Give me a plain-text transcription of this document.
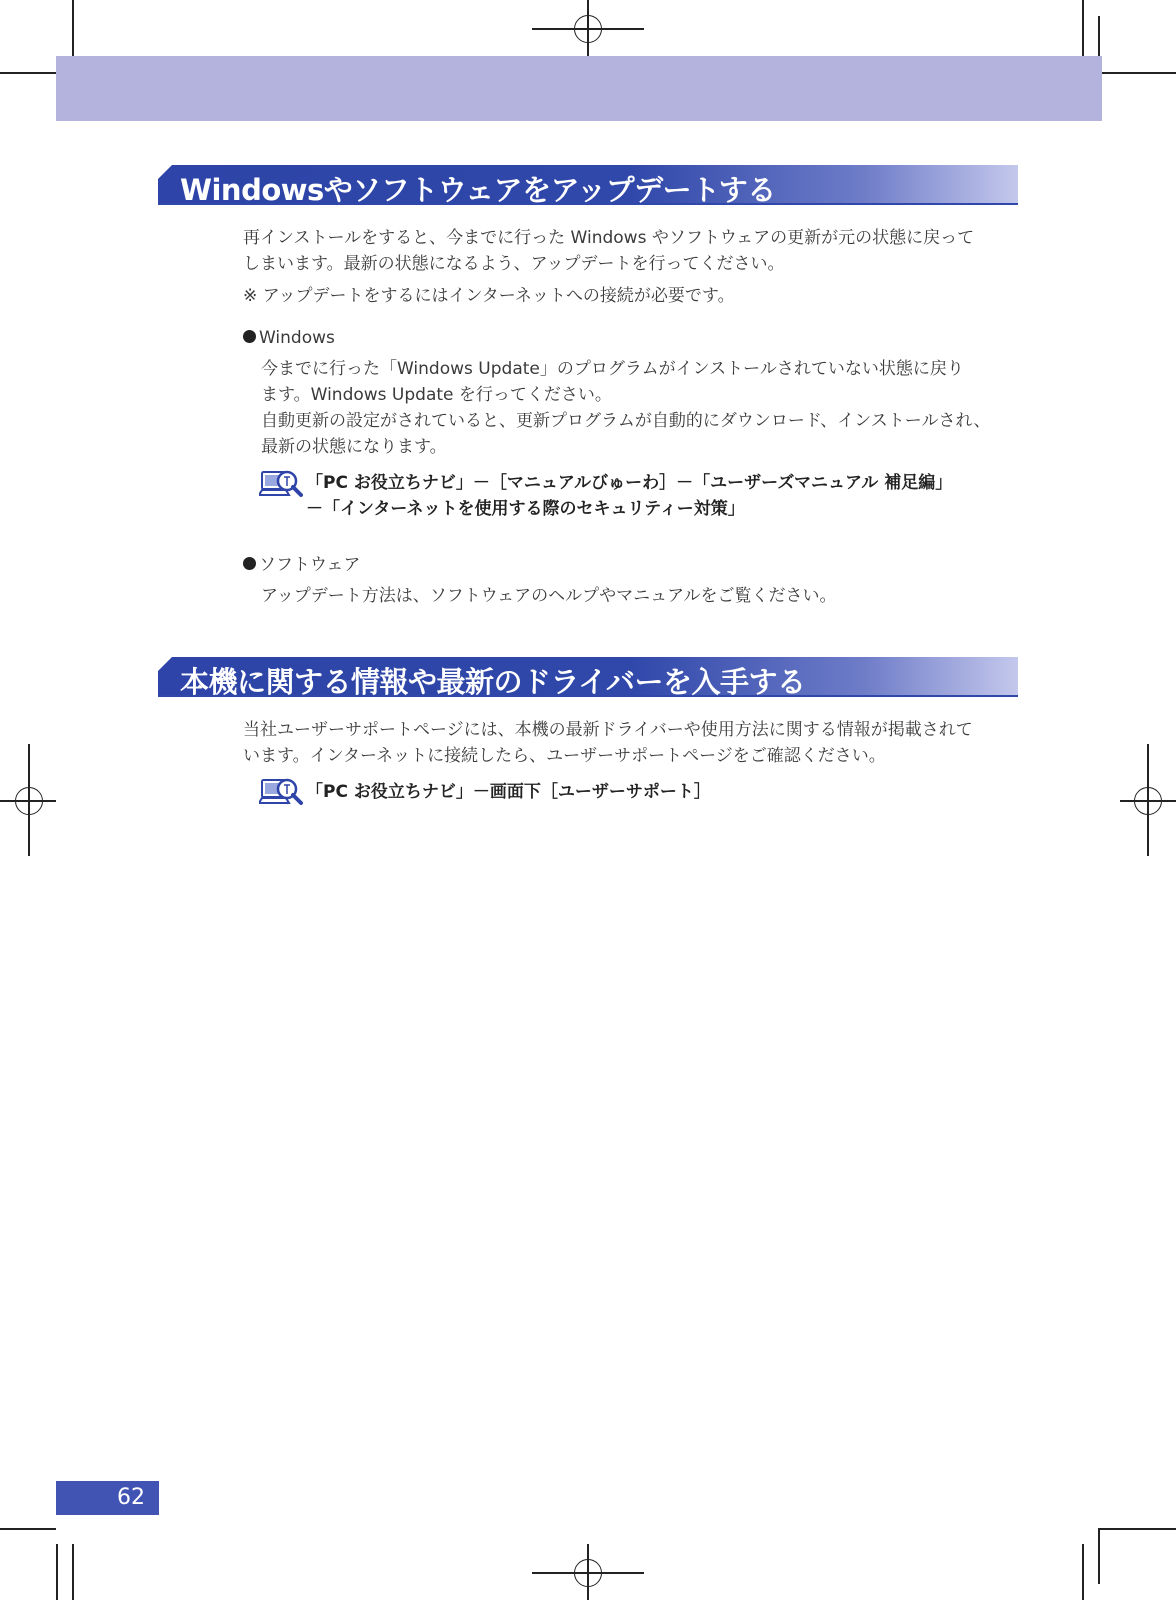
Windowsやソフトウェアをアップデートする
再インストールをすると、今までに行った Windows やソフトウェアの更新が元の状態に戻って
しまいます。最新の状態になるよう、アップデートを行ってください。
※ アップデートをするにはインターネットへの接続が必要です。
Windows
今までに行った「Windows Update」のプログラムがインストールされていない状態に戻り
ます。Windows Update を行ってください。
自動更新の設定がされていると、更新プログラムが自動的にダウンロード、インストールされ、
最新の状態になります。
「PC お役立ちナビ」－［マニュアルびゅーわ］－「ユーザーズマニュアル 補足編」
－「インターネットを使用する際のセキュリティー対策」
ソフトウェア
アップデート方法は、ソフトウェアのヘルプやマニュアルをご覧ください。
本機に関する情報や最新のドライバーを入手する
当社ユーザーサポートページには、本機の最新ドライバーや使用方法に関する情報が掲載されて
います。インターネットに接続したら、ユーザーサポートページをご確認ください。
「PC お役立ちナビ」－画面下［ユーザーサポート］
62
